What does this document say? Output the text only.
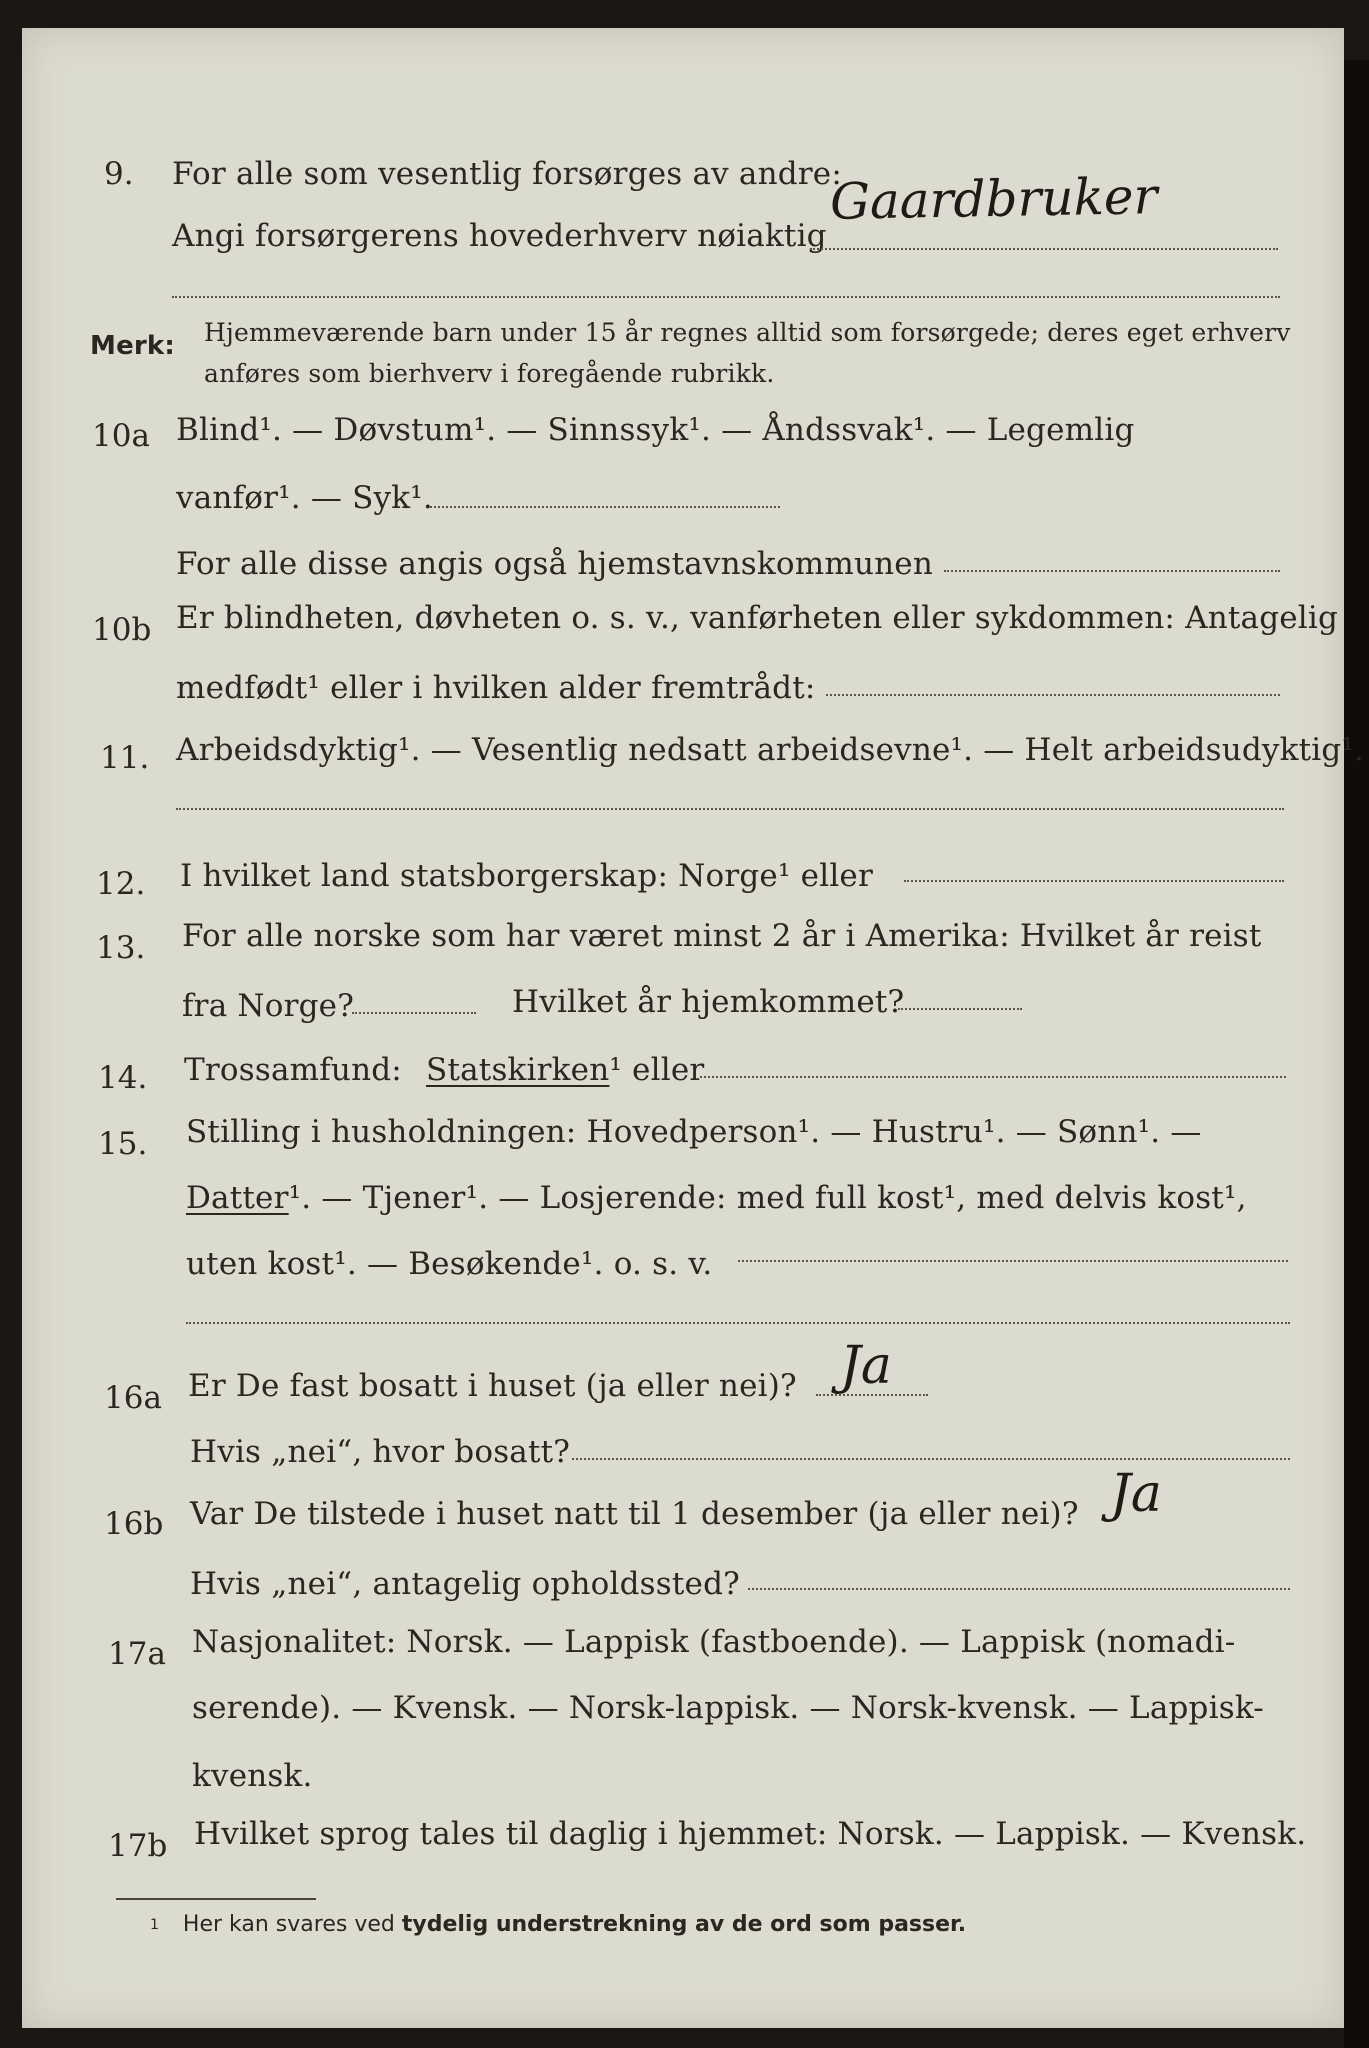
9. For alle som vesentlig forsørges av andre:
Angi forsørgerens hovederhverv nøiaktig
Gaardbruker
Merk: Hjemmeværende barn under 15 år regnes alltid som forsørgede; deres eget erhverv
anføres som bierhverv i foregående rubrikk.
10a Blind¹. — Døvstum¹. — Sinnssyk¹. — Åndssvak¹. — Legemlig
vanfør¹. — Syk¹.
For alle disse angis også hjemstavnskommunen
10b Er blindheten, døvheten o. s. v., vanførheten eller sykdommen: Antagelig
medfødt¹ eller i hvilken alder fremtrådt:
11. Arbeidsdyktig¹. — Vesentlig nedsatt arbeidsevne¹. — Helt arbeidsudyktig¹.
12. I hvilket land statsborgerskap: Norge¹ eller
13. For alle norske som har været minst 2 år i Amerika: Hvilket år reist
fra Norge?	Hvilket år hjemkommet?
14. Trossamfund: Statskirken¹ eller
15. Stilling i husholdningen: Hovedperson¹. — Hustru¹. — Sønn¹. —
Datter¹. — Tjener¹. — Losjerende: med full kost¹, med delvis kost¹,
uten kost¹. — Besøkende¹. o. s. v.
16a Er De fast bosatt i huset (ja eller nei)? Ja
Hvis „nei“, hvor bosatt?
16b Var De tilstede i huset natt til 1 desember (ja eller nei)? Ja
Hvis „nei“, antagelig opholdssted?
17a Nasjonalitet: Norsk. — Lappisk (fastboende). — Lappisk (nomadi-
serende). — Kvensk. — Norsk-lappisk. — Norsk-kvensk. — Lappisk-
kvensk.
17b Hvilket sprog tales til daglig i hjemmet: Norsk. — Lappisk. — Kvensk.
$^1$ Her kan svares ved tydelig understrekning av de ord som passer.
